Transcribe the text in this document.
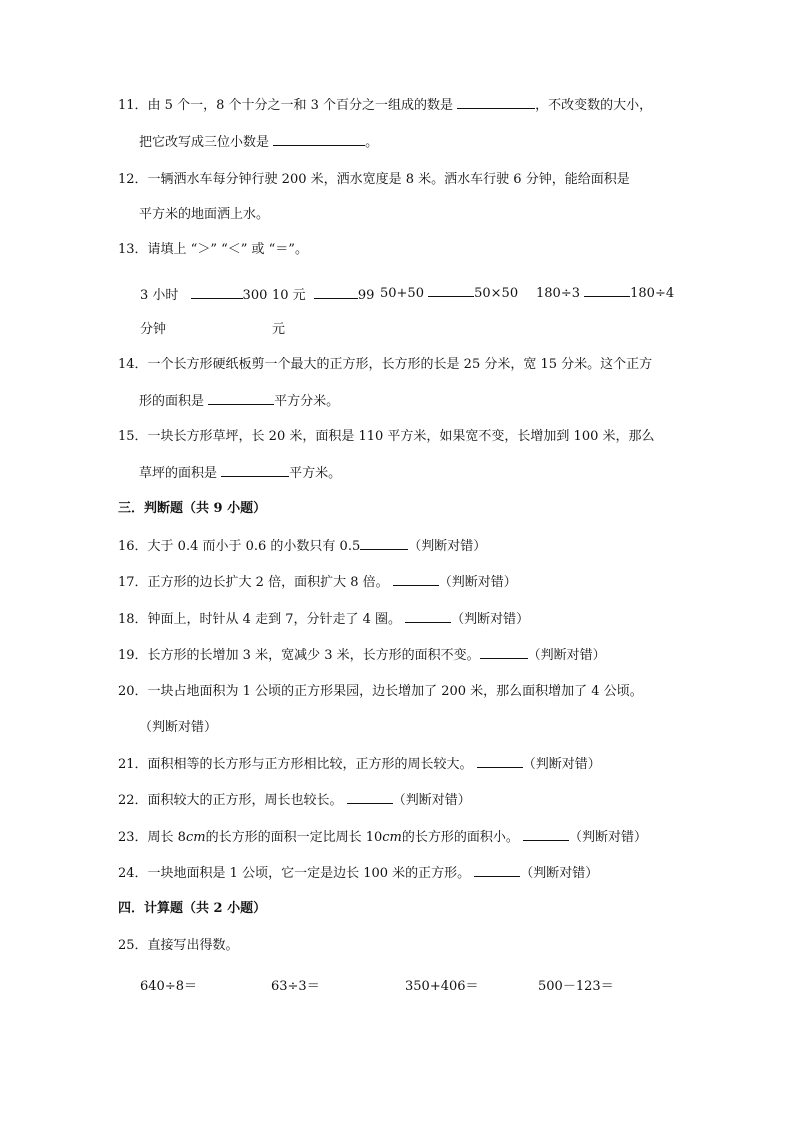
11．由 5 个一，8 个十分之一和 3 个百分之一组成的数是	，不改变数的大小，
把它改写成三位小数是	。
12．一辆洒水车每分钟行驶 200 米，洒水宽度是 8 米。洒水车行驶 6 分钟，能给面积是
平方米的地面洒上水。
13．请填上 “＞” “＜” 或 “＝”。
3 小时	300 10 元	99 50+50	50×50 180÷3	180÷4
分钟	元
14．一个长方形硬纸板剪一个最大的正方形，长方形的长是 25 分米，宽 15 分米。这个正方
形的面积是	平方分米。
15．一块长方形草坪，长 20 米，面积是 110 平方米，如果宽不变，长增加到 100 米，那么
草坪的面积是	平方米。
三．判断题（共 9 小题）
16．大于 0.4 而小于 0.6 的小数只有 0.5	（判断对错）
17．正方形的边长扩大 2 倍，面积扩大 8 倍。	（判断对错）
18．钟面上，时针从 4 走到 7，分针走了 4 圈。	（判断对错）
19．长方形的长增加 3 米，宽减少 3 米，长方形的面积不变。	（判断对错）
20．一块占地面积为 1 公顷的正方形果园，边长增加了 200 米，那么面积增加了 4 公顷。
（判断对错）
21．面积相等的长方形与正方形相比较，正方形的周长较大。	（判断对错）
22．面积较大的正方形，周长也较长。	（判断对错）
23．周长 8cm的长方形的面积一定比周长 10cm的长方形的面积小。	（判断对错）
24．一块地面积是 1 公顷，它一定是边长 100 米的正方形。	（判断对错）
四．计算题（共 2 小题）
25．直接写出得数。
640÷8＝	63÷3＝	350+406＝	500－123＝
